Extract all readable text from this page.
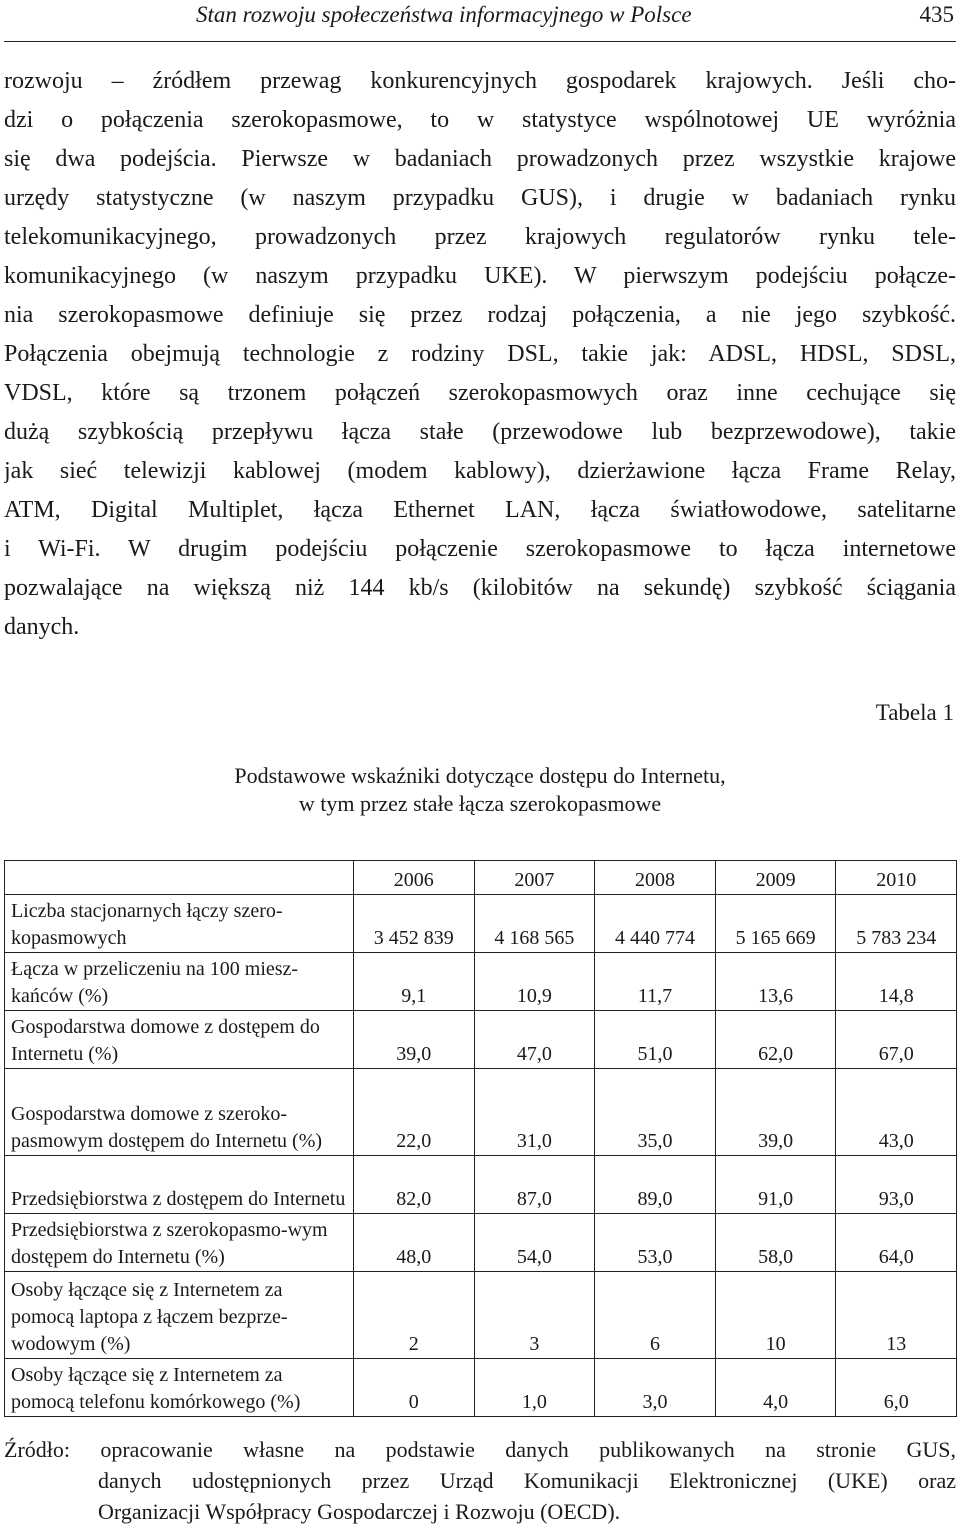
Stan rozwoju społeczeństwa informacyjnego w Polsce	435
rozwoju – źródłem przewag konkurencyjnych gospodarek krajowych. Jeśli cho-
dzi o połączenia szerokopasmowe, to w statystyce wspólnotowej UE wyróżnia
się dwa podejścia. Pierwsze w badaniach prowadzonych przez wszystkie krajowe
urzędy statystyczne (w naszym przypadku GUS), i drugie w badaniach rynku
telekomunikacyjnego, prowadzonych przez krajowych regulatorów rynku tele-
komunikacyjnego (w naszym przypadku UKE). W pierwszym podejściu połącze-
nia szerokopasmowe definiuje się przez rodzaj połączenia, a nie jego szybkość.
Połączenia obejmują technologie z rodziny DSL, takie jak: ADSL, HDSL, SDSL,
VDSL, które są trzonem połączeń szerokopasmowych oraz inne cechujące się
dużą szybkością przepływu łącza stałe (przewodowe lub bezprzewodowe), takie
jak sieć telewizji kablowej (modem kablowy), dzierżawione łącza Frame Relay,
ATM, Digital Multiplet, łącza Ethernet LAN, łącza światłowodowe, satelitarne
i Wi-Fi. W drugim podejściu połączenie szerokopasmowe to łącza internetowe
pozwalające na większą niż 144 kb/s (kilobitów na sekundę) szybkość ściągania
danych.
Tabela 1
Podstawowe wskaźniki dotyczące dostępu do Internetu,
w tym przez stałe łącza szerokopasmowe
	2006	2007	2008	2009	2010
Liczba stacjonarnych łączy szero-kopasmowych	3 452 839	4 168 565	4 440 774	5 165 669	5 783 234
Łącza w przeliczeniu na 100 miesz-kańców (%)	9,1	10,9	11,7	13,6	14,8
Gospodarstwa domowe z dostępem do Internetu (%)	39,0	47,0	51,0	62,0	67,0
Gospodarstwa domowe z szeroko-pasmowym dostępem do Internetu (%)	22,0	31,0	35,0	39,0	43,0
Przedsiębiorstwa z dostępem do Internetu	82,0	87,0	89,0	91,0	93,0
Przedsiębiorstwa z szerokopasmo-wym dostępem do Internetu (%)	48,0	54,0	53,0	58,0	64,0
Osoby łączące się z Internetem za pomocą laptopa z łączem bezprze-wodowym (%)	2	3	6	10	13
Osoby łączące się z Internetem za pomocą telefonu komórkowego (%)	0	1,0	3,0	4,0	6,0
Źródło: opracowanie własne na podstawie danych publikowanych na stronie GUS,
danych udostępnionych przez Urząd Komunikacji Elektronicznej (UKE) oraz
Organizacji Współpracy Gospodarczej i Rozwoju (OECD).
